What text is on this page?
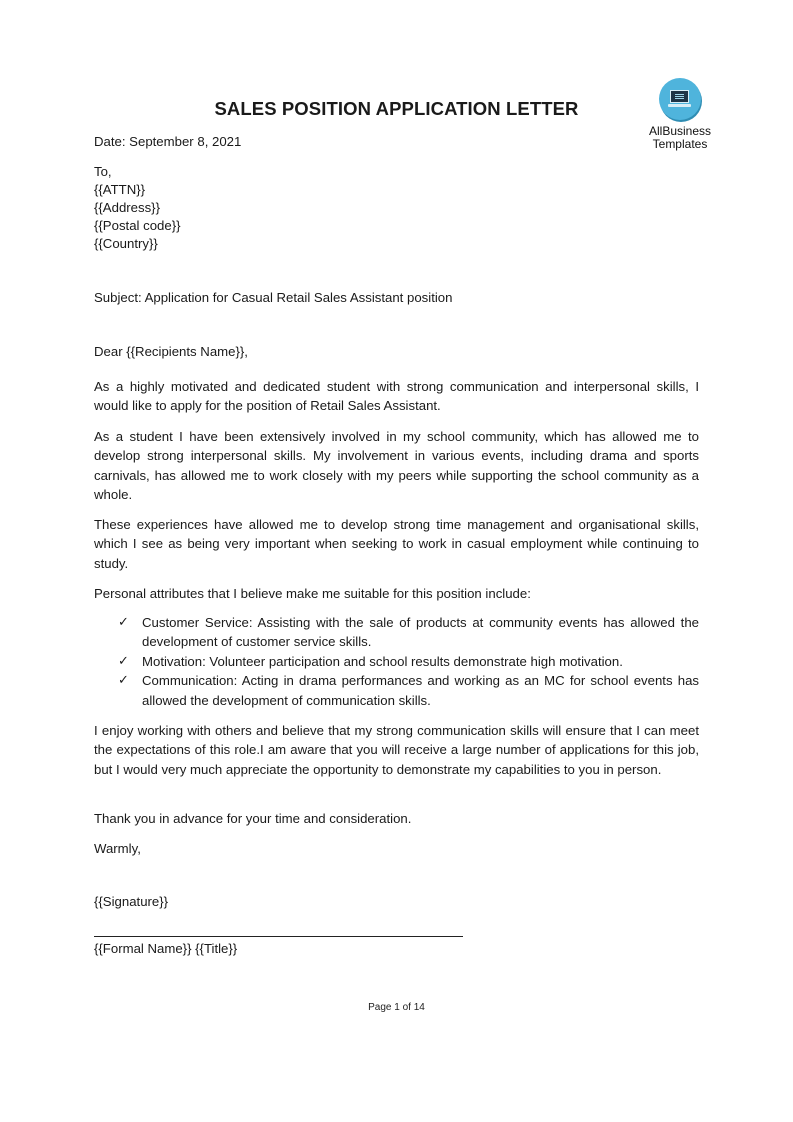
AllBusiness
Templates
SALES POSITION APPLICATION LETTER
Date: September 8, 2021
To,
{{ATTN}}
{{Address}}
{{Postal code}}
{{Country}}
Subject: Application for Casual Retail Sales Assistant position
Dear {{Recipients Name}},

As a highly motivated and dedicated student with strong communication and interpersonal skills, I would like to apply for the position of Retail Sales Assistant.

As a student I have been extensively involved in my school community, which has allowed me to develop strong interpersonal skills. My involvement in various events, including drama and sports carnivals, has allowed me to work closely with my peers while supporting the school community as a whole.

These experiences have allowed me to develop strong time management and organisational skills, which I see as being very important when seeking to work in casual employment while continuing to study.

Personal attributes that I believe make me suitable for this position include:

✓ Customer Service: Assisting with the sale of products at community events has allowed the development of customer service skills.
✓ Motivation: Volunteer participation and school results demonstrate high motivation.
✓ Communication: Acting in drama performances and working as an MC for school events has allowed the development of communication skills.

I enjoy working with others and believe that my strong communication skills will ensure that I can meet the expectations of this role.I am aware that you will receive a large number of applications for this job, but I would very much appreciate the opportunity to demonstrate my capabilities to you in person.

Thank you in advance for your time and consideration.

Warmly,
{{Signature}}
{{Formal Name}} {{Title}}
Page 1 of 14
